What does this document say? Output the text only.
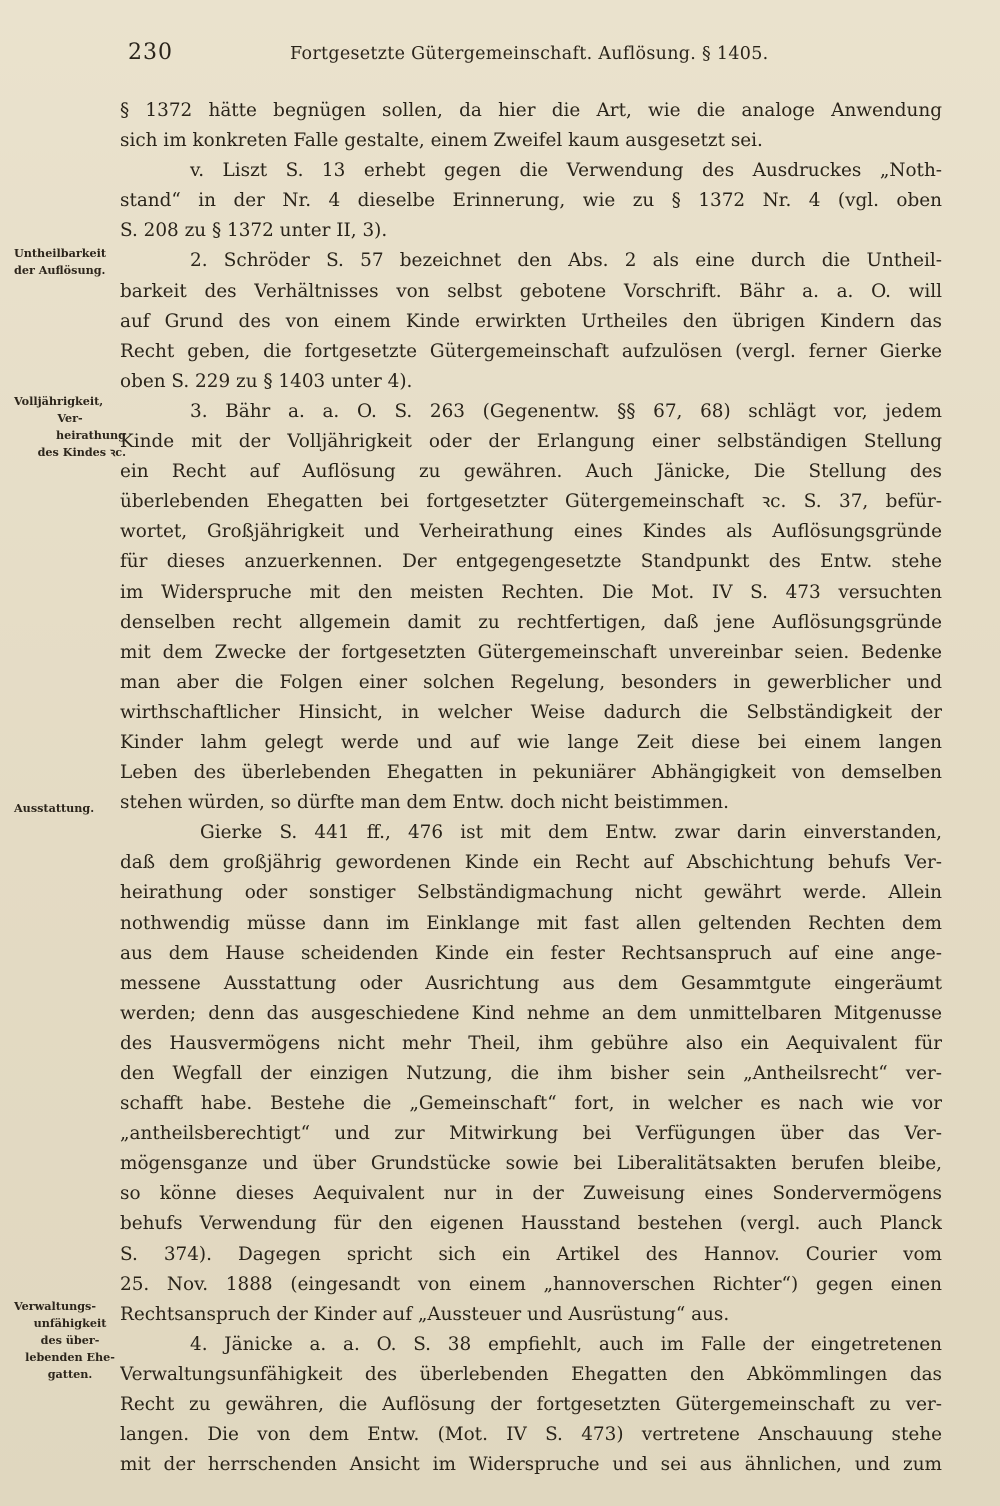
230	Fortgesetzte Gütergemeinschaft. Auflösung. § 1405.
Untheilbarkeit
der Auflösung.
Volljährigkeit,
Ver-
heirathung
des Kindes ꝛc.
Ausstattung.
Verwaltungs-
unfähigkeit
des über-
lebenden Ehe-
gatten.
§ 1372 hätte begnügen sollen, da hier die Art, wie die analoge Anwendung
sich im konkreten Falle gestalte, einem Zweifel kaum ausgesetzt sei.
v. Liszt S. 13 erhebt gegen die Verwendung des Ausdruckes „Noth-
stand“ in der Nr. 4 dieselbe Erinnerung, wie zu § 1372 Nr. 4 (vgl. oben
S. 208 zu § 1372 unter II, 3).
2. Schröder S. 57 bezeichnet den Abs. 2 als eine durch die Untheil-
barkeit des Verhältnisses von selbst gebotene Vorschrift. Bähr a. a. O. will
auf Grund des von einem Kinde erwirkten Urtheiles den übrigen Kindern das
Recht geben, die fortgesetzte Gütergemeinschaft aufzulösen (vergl. ferner Gierke
oben S. 229 zu § 1403 unter 4).
3. Bähr a. a. O. S. 263 (Gegenentw. §§ 67, 68) schlägt vor, jedem
Kinde mit der Volljährigkeit oder der Erlangung einer selbständigen Stellung
ein Recht auf Auflösung zu gewähren. Auch Jänicke, Die Stellung des
überlebenden Ehegatten bei fortgesetzter Gütergemeinschaft ꝛc. S. 37, befür-
wortet, Großjährigkeit und Verheirathung eines Kindes als Auflösungsgründe
für dieses anzuerkennen. Der entgegengesetzte Standpunkt des Entw. stehe
im Widerspruche mit den meisten Rechten. Die Mot. IV S. 473 versuchten
denselben recht allgemein damit zu rechtfertigen, daß jene Auflösungsgründe
mit dem Zwecke der fortgesetzten Gütergemeinschaft unvereinbar seien. Bedenke
man aber die Folgen einer solchen Regelung, besonders in gewerblicher und
wirthschaftlicher Hinsicht, in welcher Weise dadurch die Selbständigkeit der
Kinder lahm gelegt werde und auf wie lange Zeit diese bei einem langen
Leben des überlebenden Ehegatten in pekuniärer Abhängigkeit von demselben
stehen würden, so dürfte man dem Entw. doch nicht beistimmen.
Gierke S. 441 ff., 476 ist mit dem Entw. zwar darin einverstanden,
daß dem großjährig gewordenen Kinde ein Recht auf Abschichtung behufs Ver-
heirathung oder sonstiger Selbständigmachung nicht gewährt werde. Allein
nothwendig müsse dann im Einklange mit fast allen geltenden Rechten dem
aus dem Hause scheidenden Kinde ein fester Rechtsanspruch auf eine ange-
messene Ausstattung oder Ausrichtung aus dem Gesammtgute eingeräumt
werden; denn das ausgeschiedene Kind nehme an dem unmittelbaren Mitgenusse
des Hausvermögens nicht mehr Theil, ihm gebühre also ein Aequivalent für
den Wegfall der einzigen Nutzung, die ihm bisher sein „Antheilsrecht“ ver-
schafft habe. Bestehe die „Gemeinschaft“ fort, in welcher es nach wie vor
„antheilsberechtigt“ und zur Mitwirkung bei Verfügungen über das Ver-
mögensganze und über Grundstücke sowie bei Liberalitätsakten berufen bleibe,
so könne dieses Aequivalent nur in der Zuweisung eines Sondervermögens
behufs Verwendung für den eigenen Hausstand bestehen (vergl. auch Planck
S. 374). Dagegen spricht sich ein Artikel des Hannov. Courier vom
25. Nov. 1888 (eingesandt von einem „hannoverschen Richter“) gegen einen
Rechtsanspruch der Kinder auf „Aussteuer und Ausrüstung“ aus.
4. Jänicke a. a. O. S. 38 empfiehlt, auch im Falle der eingetretenen
Verwaltungsunfähigkeit des überlebenden Ehegatten den Abkömmlingen das
Recht zu gewähren, die Auflösung der fortgesetzten Gütergemeinschaft zu ver-
langen. Die von dem Entw. (Mot. IV S. 473) vertretene Anschauung stehe
mit der herrschenden Ansicht im Widerspruche und sei aus ähnlichen, und zum
